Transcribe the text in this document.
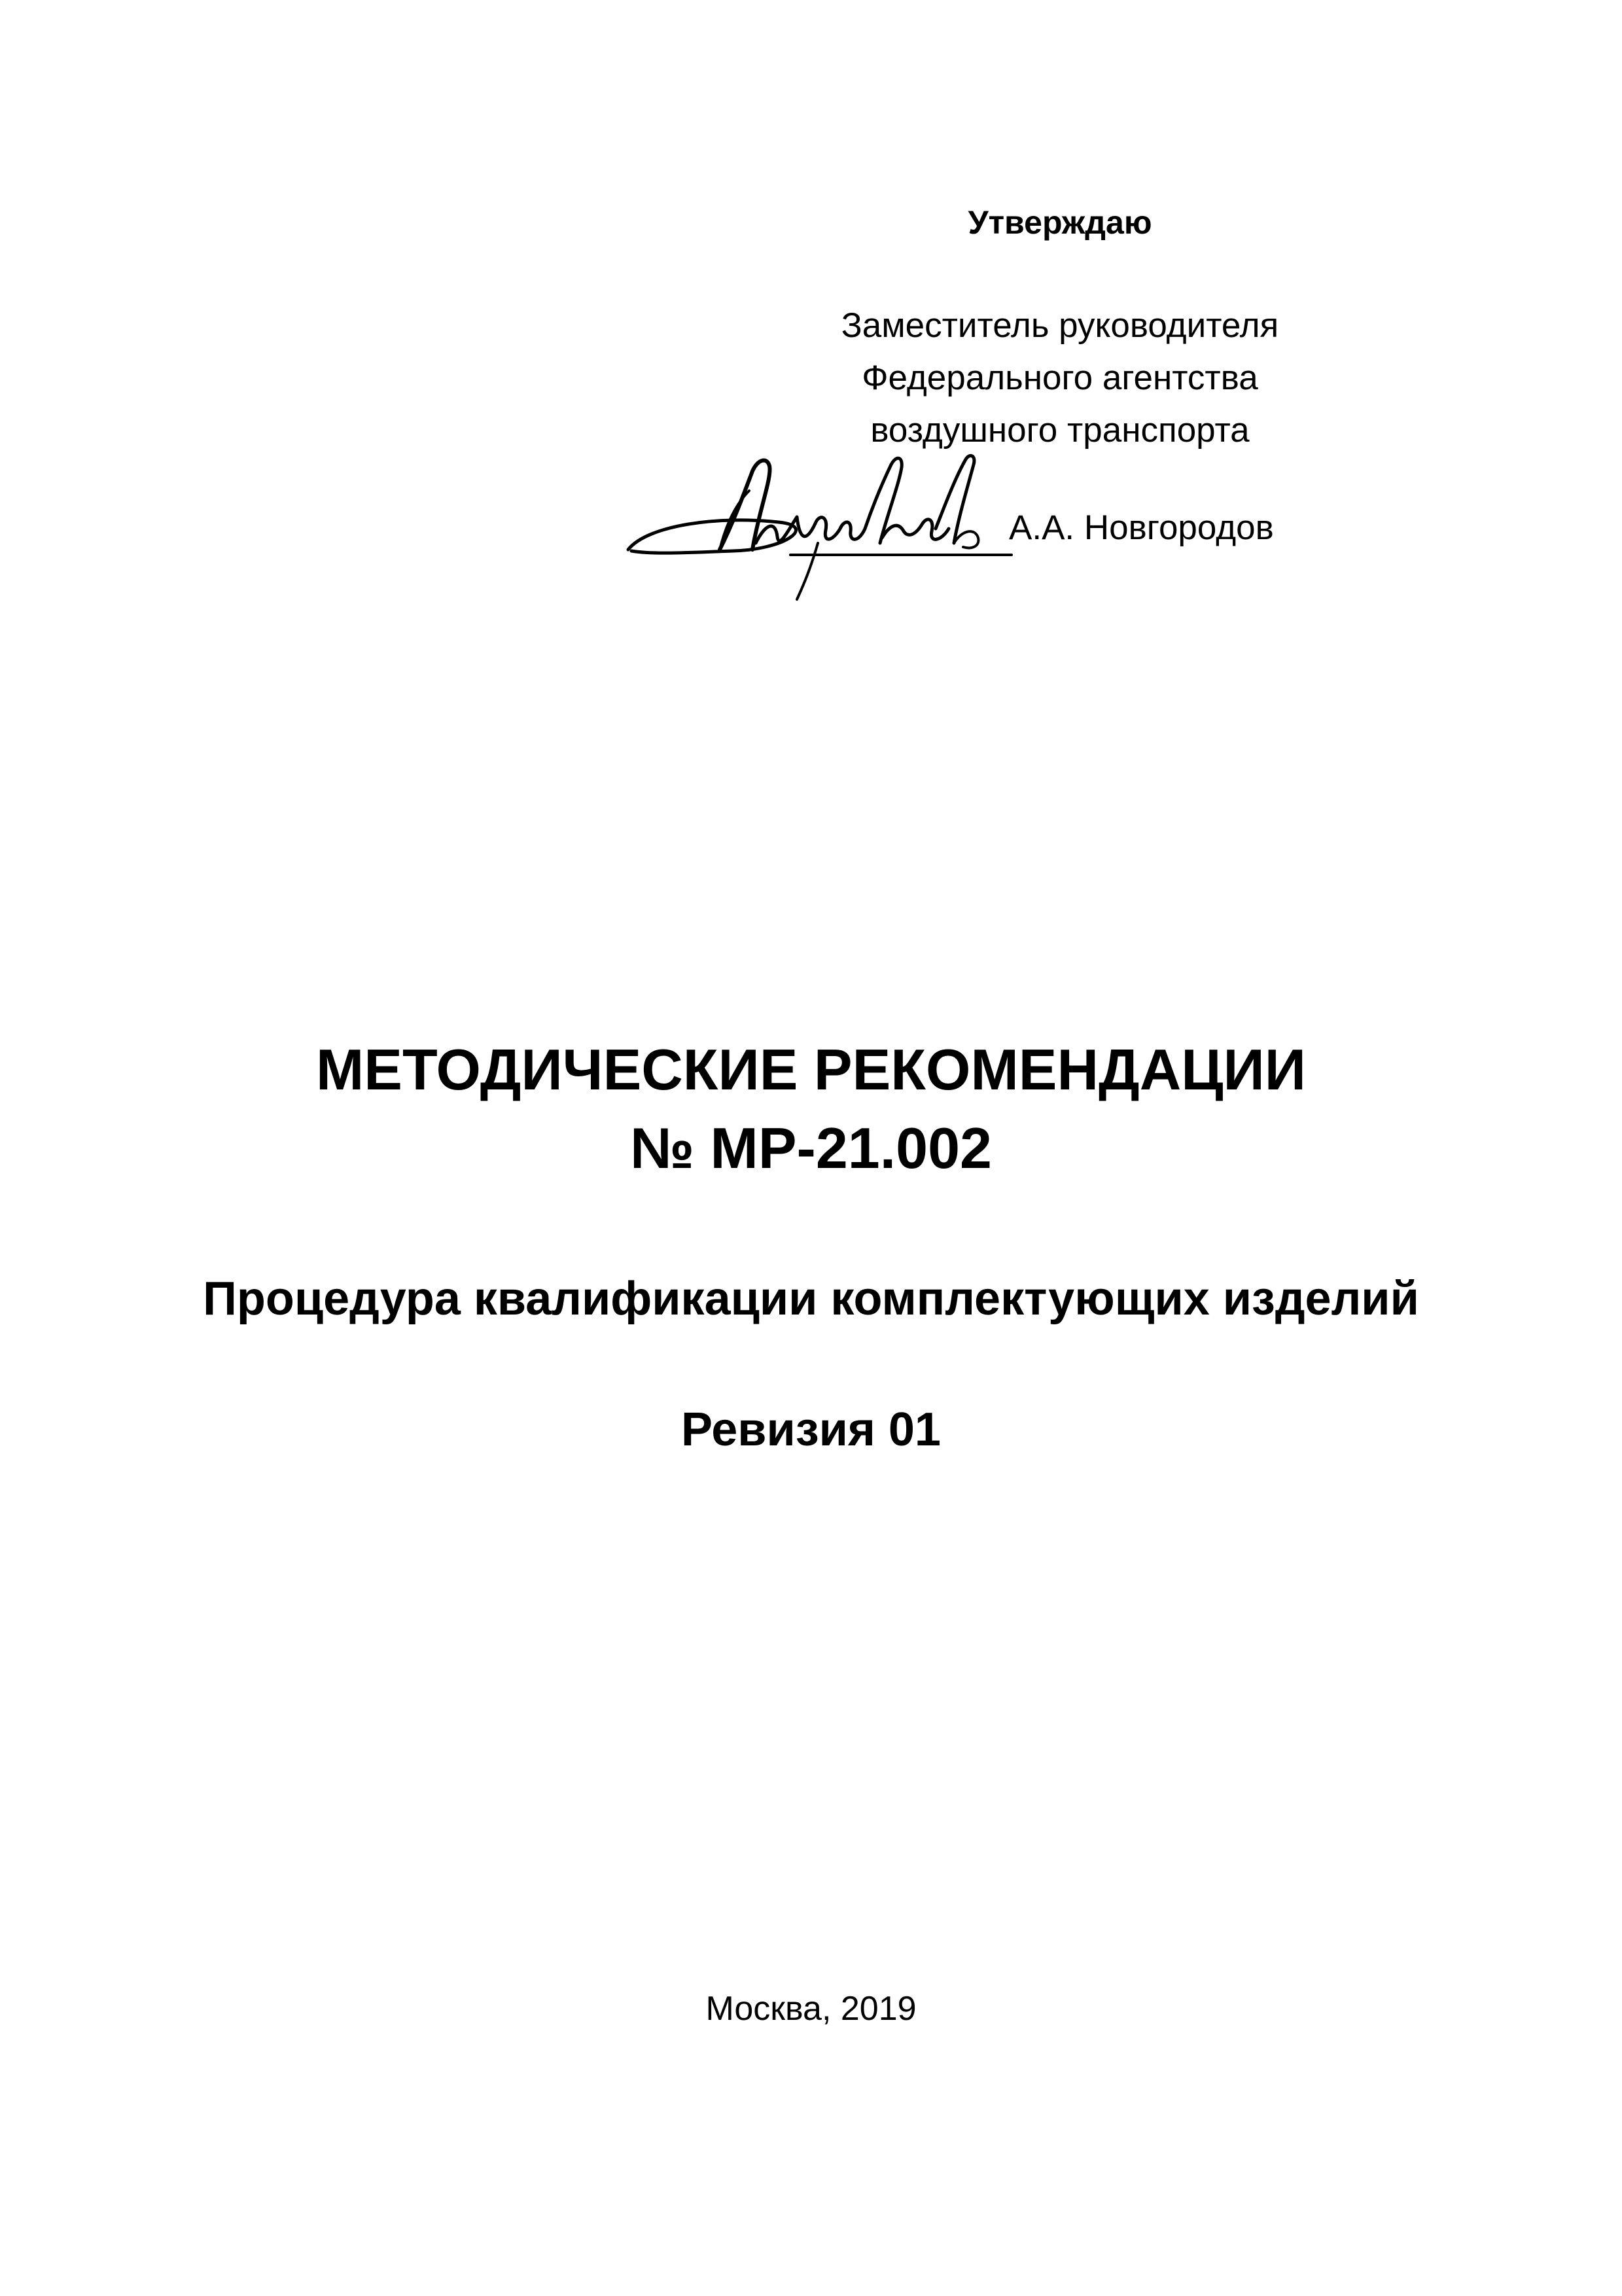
Утверждаю
Заместитель руководителя
Федерального агентства
воздушного транспорта
А.А. Новгородов
МЕТОДИЧЕСКИЕ РЕКОМЕНДАЦИИ
№ МР-21.002
Процедура квалификации комплектующих изделий
Ревизия 01
Москва, 2019
